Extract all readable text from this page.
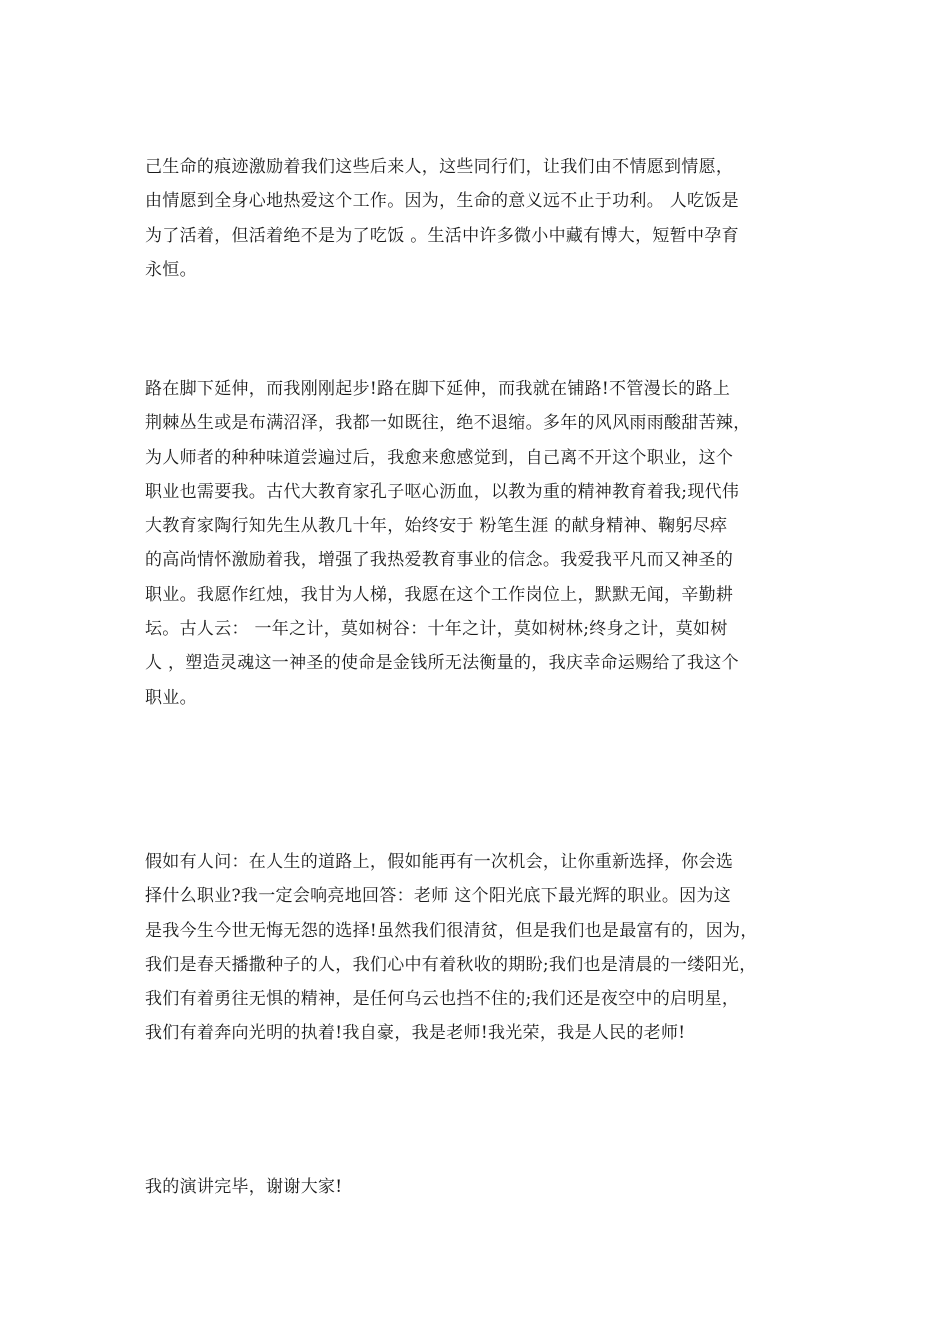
己生命的痕迹激励着我们这些后来人，这些同行们，让我们由不情愿到情愿，
由情愿到全身心地热爱这个工作。因为，生命的意义远不止于功利。 人吃饭是
为了活着，但活着绝不是为了吃饭 。生活中许多微小中藏有博大，短暂中孕育
永恒。

路在脚下延伸，而我刚刚起步!路在脚下延伸，而我就在铺路!不管漫长的路上
荆棘丛生或是布满沼泽，我都一如既往，绝不退缩。多年的风风雨雨酸甜苦辣，
为人师者的种种味道尝遍过后，我愈来愈感觉到，自己离不开这个职业，这个
职业也需要我。古代大教育家孔子呕心沥血，以教为重的精神教育着我;现代伟
大教育家陶行知先生从教几十年，始终安于 粉笔生涯 的献身精神、鞠躬尽瘁
的高尚情怀激励着我，增强了我热爱教育事业的信念。我爱我平凡而又神圣的
职业。我愿作红烛，我甘为人梯，我愿在这个工作岗位上，默默无闻，辛勤耕
坛。古人云： 一年之计，莫如树谷：十年之计，莫如树林;终身之计，莫如树
人 ，塑造灵魂这一神圣的使命是金钱所无法衡量的，我庆幸命运赐给了我这个
职业。

假如有人问：在人生的道路上，假如能再有一次机会，让你重新选择，你会选
择什么职业?我一定会响亮地回答：老师 这个阳光底下最光辉的职业。因为这
是我今生今世无悔无怨的选择!虽然我们很清贫，但是我们也是最富有的，因为，
我们是春天播撒种子的人，我们心中有着秋收的期盼;我们也是清晨的一缕阳光，
我们有着勇往无惧的精神，是任何乌云也挡不住的;我们还是夜空中的启明星，
我们有着奔向光明的执着!我自豪，我是老师!我光荣，我是人民的老师!

我的演讲完毕，谢谢大家!
